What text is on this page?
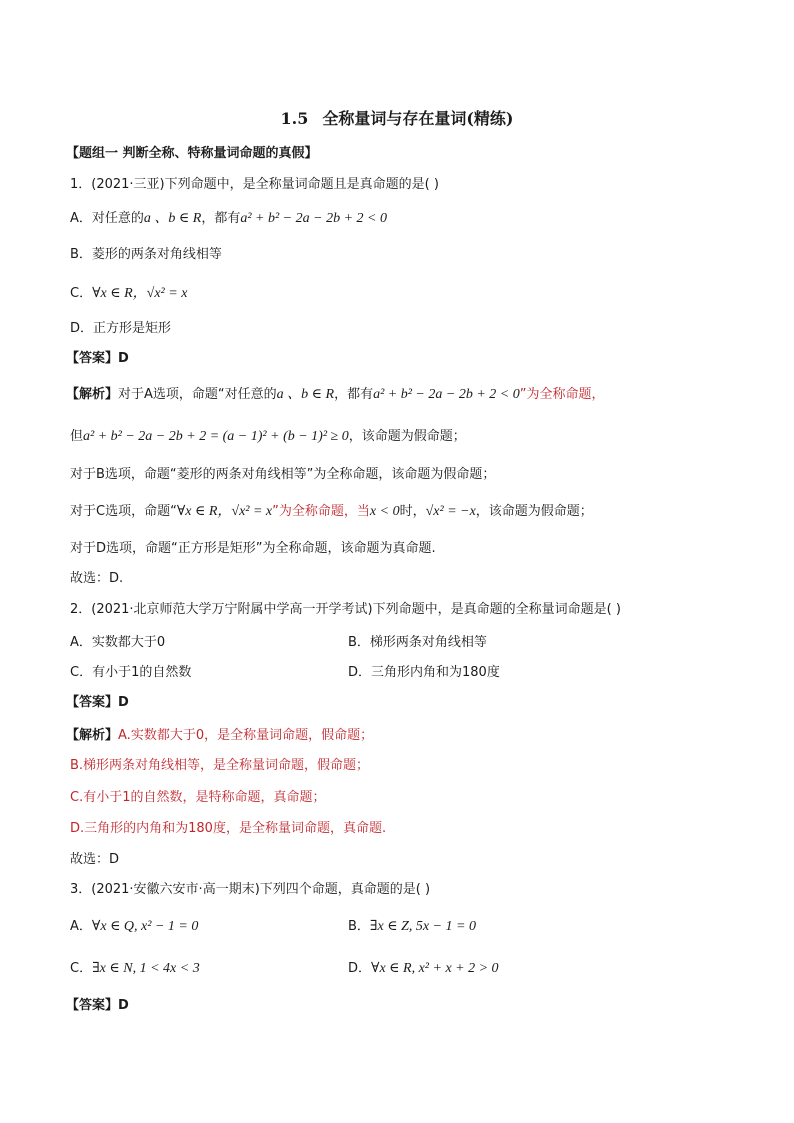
1.5 全称量词与存在量词(精练)
【题组一 判断全称、特称量词命题的真假】
1．(2021·三亚)下列命题中，是全称量词命题且是真命题的是( )
A．对任意的a 、b ∈ R，都有a² + b² − 2a − 2b + 2 < 0
B．菱形的两条对角线相等
C．∀x ∈ R，√x² = x
D．正方形是矩形
【答案】D
【解析】对于A选项，命题“对任意的a 、b ∈ R，都有a² + b² − 2a − 2b + 2 < 0”为全称命题，
但a² + b² − 2a − 2b + 2 = (a − 1)² + (b − 1)² ≥ 0，该命题为假命题；
对于B选项，命题“菱形的两条对角线相等”为全称命题，该命题为假命题；
对于C选项，命题“∀x ∈ R，√x² = x”为全称命题，当x < 0时，√x² = −x，该命题为假命题；
对于D选项，命题“正方形是矩形”为全称命题，该命题为真命题.
故选：D.
2．(2021·北京师范大学万宁附属中学高一开学考试)下列命题中，是真命题的全称量词命题是( )
A．实数都大于0	B．梯形两条对角线相等
C．有小于1的自然数	D．三角形内角和为180度
【答案】D
【解析】A.实数都大于0，是全称量词命题，假命题；
B.梯形两条对角线相等，是全称量词命题，假命题；
C.有小于1的自然数，是特称命题，真命题；
D.三角形的内角和为180度，是全称量词命题，真命题.
故选：D
3．(2021·安徽六安市·高一期末)下列四个命题，真命题的是( )
A．∀x ∈ Q, x² − 1 = 0	B．∃x ∈ Z, 5x − 1 = 0
C．∃x ∈ N, 1 < 4x < 3	D．∀x ∈ R, x² + x + 2 > 0
【答案】D
